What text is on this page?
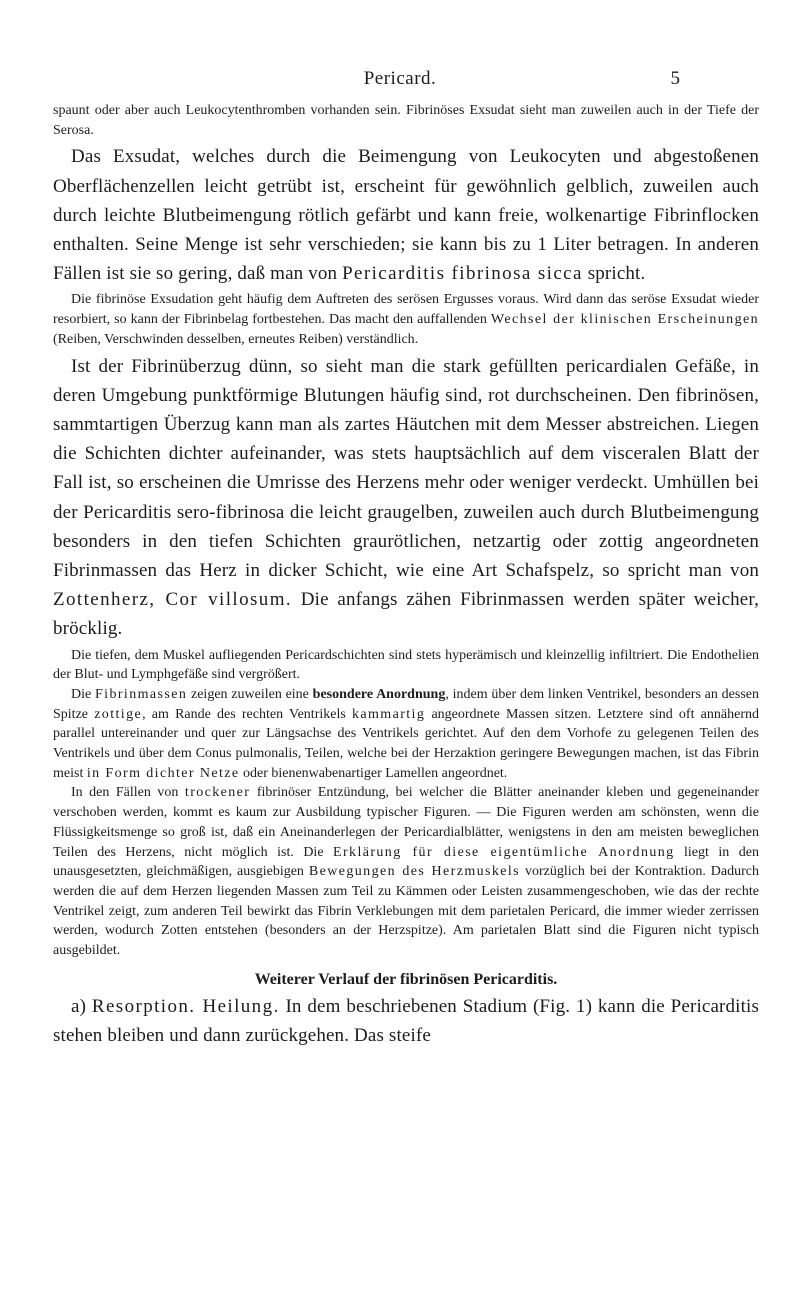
Pericard.	5

spaunt oder aber auch Leukocytenthromben vorhanden sein. Fibrinöses Exsudat sieht man zuweilen auch in der Tiefe der Serosa.

Das Exsudat, welches durch die Beimengung von Leukocyten und abgestoßenen Oberflächenzellen leicht getrübt ist, erscheint für gewöhnlich gelblich, zuweilen auch durch leichte Blutbeimengung rötlich gefärbt und kann freie, wolkenartige Fibrinflocken enthalten. Seine Menge ist sehr verschieden; sie kann bis zu 1 Liter betragen. In anderen Fällen ist sie so gering, daß man von Pericarditis fibrinosa sicca spricht.

Die fibrinöse Exsudation geht häufig dem Auftreten des serösen Ergusses voraus. Wird dann das seröse Exsudat wieder resorbiert, so kann der Fibrinbelag fortbestehen. Das macht den auffallenden Wechsel der klinischen Erscheinungen (Reiben, Verschwinden desselben, erneutes Reiben) verständlich.

Ist der Fibrinüberzug dünn, so sieht man die stark gefüllten pericardialen Gefäße, in deren Umgebung punktförmige Blutungen häufig sind, rot durchscheinen. Den fibrinösen, sammtartigen Überzug kann man als zartes Häutchen mit dem Messer abstreichen. Liegen die Schichten dichter aufeinander, was stets hauptsächlich auf dem visceralen Blatt der Fall ist, so erscheinen die Umrisse des Herzens mehr oder weniger verdeckt. Umhüllen bei der Pericarditis sero-fibrinosa die leicht graugelben, zuweilen auch durch Blutbeimengung besonders in den tiefen Schichten graurötlichen, netzartig oder zottig angeordneten Fibrinmassen das Herz in dicker Schicht, wie eine Art Schafspelz, so spricht man von Zottenherz, Cor villosum. Die anfangs zähen Fibrinmassen werden später weicher, bröcklig.

Die tiefen, dem Muskel aufliegenden Pericardschichten sind stets hyperämisch und kleinzellig infiltriert. Die Endothelien der Blut- und Lymphgefäße sind vergrößert.

Die Fibrinmassen zeigen zuweilen eine besondere Anordnung, indem über dem linken Ventrikel, besonders an dessen Spitze zottige, am Rande des rechten Ventrikels kammartig angeordnete Massen sitzen. Letztere sind oft annähernd parallel untereinander und quer zur Längsachse des Ventrikels gerichtet. Auf den dem Vorhofe zu gelegenen Teilen des Ventrikels und über dem Conus pulmonalis, Teilen, welche bei der Herzaktion geringere Bewegungen machen, ist das Fibrin meist in Form dichter Netze oder bienenwabenartiger Lamellen angeordnet.

In den Fällen von trockener fibrinöser Entzündung, bei welcher die Blätter aneinander kleben und gegeneinander verschoben werden, kommt es kaum zur Ausbildung typischer Figuren. — Die Figuren werden am schönsten, wenn die Flüssigkeitsmenge so groß ist, daß ein Aneinanderlegen der Pericardialblätter, wenigstens in den am meisten beweglichen Teilen des Herzens, nicht möglich ist. Die Erklärung für diese eigentümliche Anordnung liegt in den unausgesetzten, gleichmäßigen, ausgiebigen Bewegungen des Herzmuskels vorzüglich bei der Kontraktion. Dadurch werden die auf dem Herzen liegenden Massen zum Teil zu Kämmen oder Leisten zusammengeschoben, wie das der rechte Ventrikel zeigt, zum anderen Teil bewirkt das Fibrin Verklebungen mit dem parietalen Pericard, die immer wieder zerrissen werden, wodurch Zotten entstehen (besonders an der Herzspitze). Am parietalen Blatt sind die Figuren nicht typisch ausgebildet.

Weiterer Verlauf der fibrinösen Pericarditis.

a) Resorption. Heilung. In dem beschriebenen Stadium (Fig. 1) kann die Pericarditis stehen bleiben und dann zurückgehen. Das steife
